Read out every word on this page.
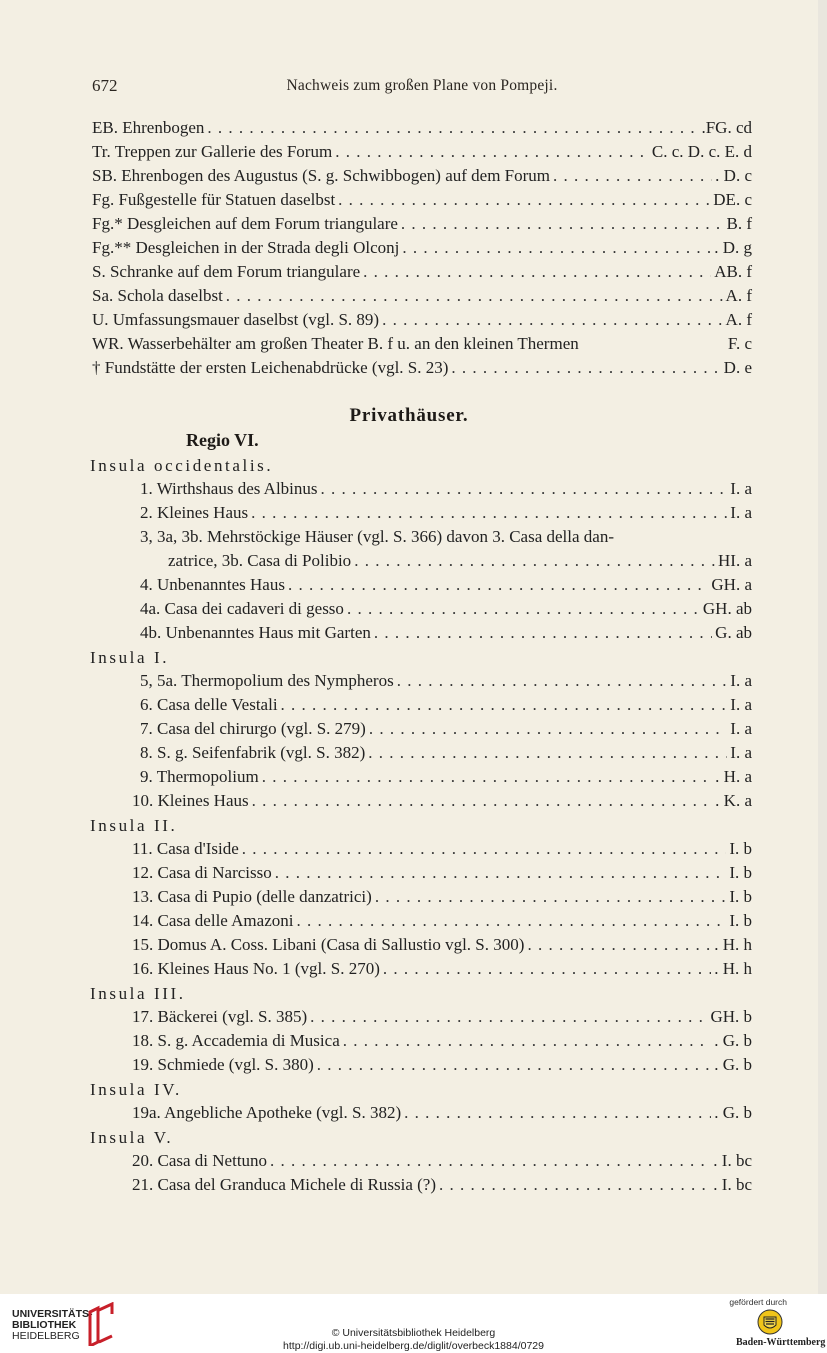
672	Nachweis zum großen Plane von Pompeji.
EB. Ehrenbogen . . .	.FG. cd
Tr. Treppen zur Gallerie des Forum . . .	C. c. D. c. E. d
SB. Ehrenbogen des Augustus (S. g. Schwibbogen) auf dem Forum . . .	. D. c
Fg. Fußgestelle für Statuen daselbst . . .	DE. c
Fg.* Desgleichen auf dem Forum triangulare . . .	B. f
Fg.** Desgleichen in der Strada degli Olconj . . .	. D. g
S. Schranke auf dem Forum triangulare . . .	AB. f
Sa. Schola daselbst . . .	A. f
U. Umfassungsmauer daselbst (vgl. S. 89) . . .	A. f
WR. Wasserbehälter am großen Theater B. f u. an den kleinen Thermen	F. c
† Fundstätte der ersten Leichenabdrücke (vgl. S. 23) . . .	D. e
Privathäuser.
Regio VI.
Insula occidentalis.
1. Wirthshaus des Albinus . . .	I. a
2. Kleines Haus . . .	I. a
3, 3a, 3b. Mehrstöckige Häuser (vgl. S. 366) davon 3. Casa della dan-
zatrice, 3b. Casa di Polibio . . .	HI. a
4. Unbenanntes Haus . . .	GH. a
4a. Casa dei cadaveri di gesso . . .	GH. ab
4b. Unbenanntes Haus mit Garten . . .	G. ab
Insula I.
5, 5a. Thermopolium des Nympheros . . .	I. a
6. Casa delle Vestali . . .	I. a
7. Casa del chirurgo (vgl. S. 279) . . .	I. a
8. S. g. Seifenfabrik (vgl. S. 382) . . .	I. a
9. Thermopolium . . .	. H. a
10. Kleines Haus . . .	. K. a
Insula II.
11. Casa d'Iside . . .	I. b
12. Casa di Narcisso . . .	I. b
13. Casa di Pupio (delle danzatrici) . . .	I. b
14. Casa delle Amazoni . . .	I. b
15. Domus A. Coss. Libani (Casa di Sallustio vgl. S. 300) . . .	. H. h
16. Kleines Haus No. 1 (vgl. S. 270) . . .	. H. h
Insula III.
17. Bäckerei (vgl. S. 385) . . .	GH. b
18. S. g. Accademia di Musica . . .	. G. b
19. Schmiede (vgl. S. 380) . . .	. G. b
Insula IV.
19a. Angebliche Apotheke (vgl. S. 382) . . .	. G. b
Insula V.
20. Casa di Nettuno . . .	. I. bc
21. Casa del Granduca Michele di Russia (?) . . .	. I. bc
UNIVERSITÄTS-
BIBLIOTHEK
HEIDELBERG	© Universitätsbibliothek Heidelberg
http://digi.ub.uni-heidelberg.de/diglit/overbeck1884/0729
gefördert durch
Baden-Württemberg
